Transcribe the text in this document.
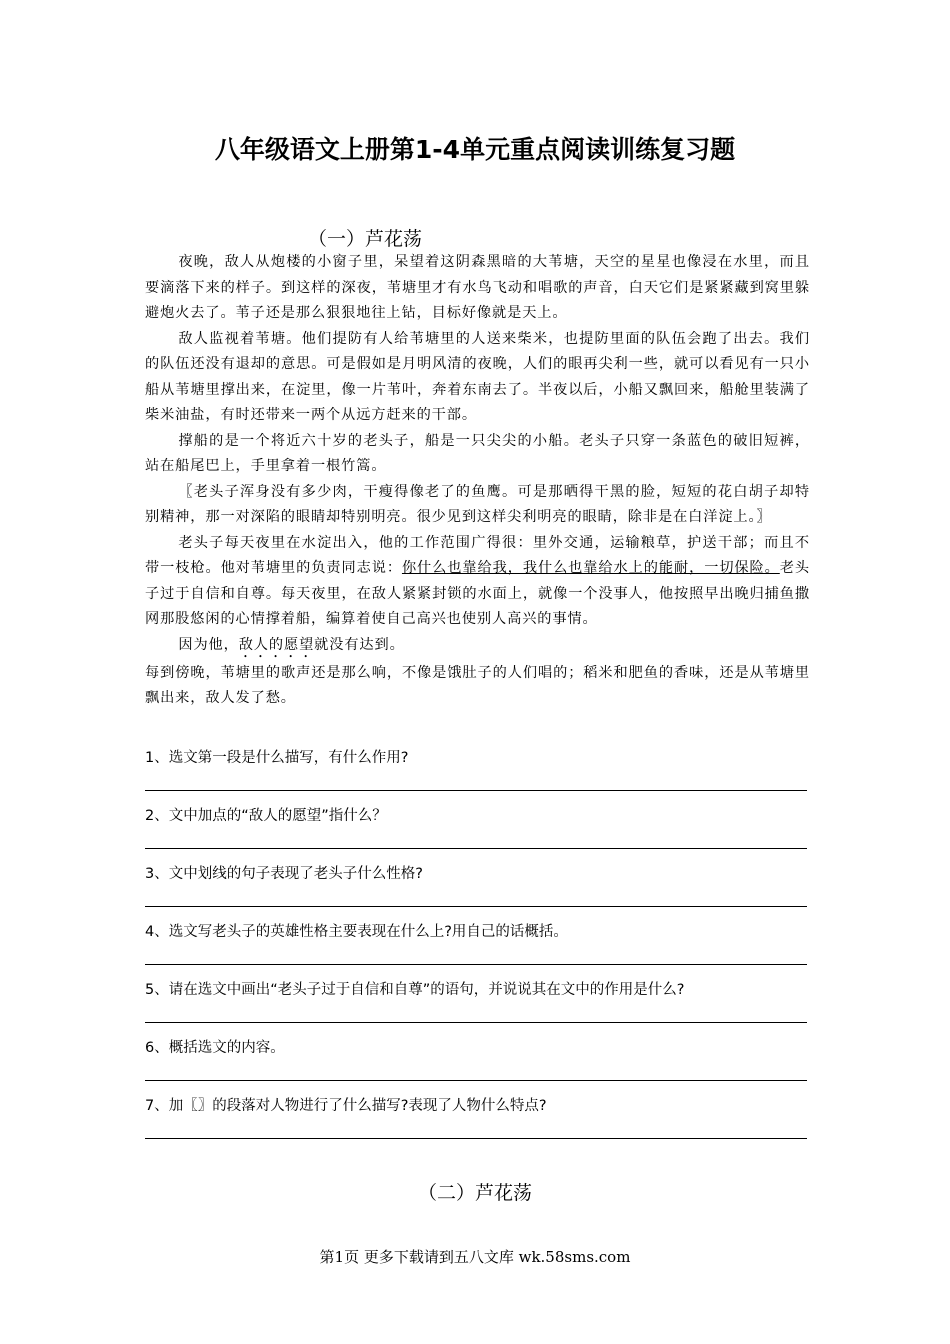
八年级语文上册第1-4单元重点阅读训练复习题
（一）芦花荡

夜晚，敌人从炮楼的小窗子里，呆望着这阴森黑暗的大苇塘，天空的星星也像浸在水里，而且要滴落下来的样子。到这样的深夜，苇塘里才有水鸟飞动和唱歌的声音，白天它们是紧紧藏到窝里躲避炮火去了。苇子还是那么狠狠地往上钻，目标好像就是天上。

敌人监视着苇塘。他们提防有人给苇塘里的人送来柴米，也提防里面的队伍会跑了出去。我们的队伍还没有退却的意思。可是假如是月明风清的夜晚，人们的眼再尖利一些，就可以看见有一只小船从苇塘里撑出来，在淀里，像一片苇叶，奔着东南去了。半夜以后，小船又飘回来，船舱里装满了柴米油盐，有时还带来一两个从远方赶来的干部。

撑船的是一个将近六十岁的老头子，船是一只尖尖的小船。老头子只穿一条蓝色的破旧短裤，站在船尾巴上，手里拿着一根竹篙。

〖老头子浑身没有多少肉，干瘦得像老了的鱼鹰。可是那晒得干黑的脸，短短的花白胡子却特别精神，那一对深陷的眼睛却特别明亮。很少见到这样尖利明亮的眼睛，除非是在白洋淀上。〗

老头子每天夜里在水淀出入，他的工作范围广得很：里外交通，运输粮草，护送干部；而且不带一枝枪。他对苇塘里的负责同志说：你什么也靠给我，我什么也靠给水上的能耐，一切保险。老头子过于自信和自尊。每天夜里，在敌人紧紧封锁的水面上，就像一个没事人，他按照早出晚归捕鱼撒网那股悠闲的心情撑着船，编算着使自己高兴也使别人高兴的事情。

因为他，敌人的愿望就没有达到。

每到傍晚，苇塘里的歌声还是那么响，不像是饿肚子的人们唱的；稻米和肥鱼的香味，还是从苇塘里飘出来，敌人发了愁。

1、选文第一段是什么描写，有什么作用?
2、文中加点的“敌人的愿望”指什么？
3、文中划线的句子表现了老头子什么性格?
4、选文写老头子的英雄性格主要表现在什么上?用自己的话概括。
5、请在选文中画出“老头子过于自信和自尊”的语句，并说说其在文中的作用是什么?
6、概括选文的内容。
7、加〖〗的段落对人物进行了什么描写?表现了人物什么特点?
（二）芦花荡
第1页 更多下载请到五八文库 wk.58sms.com
